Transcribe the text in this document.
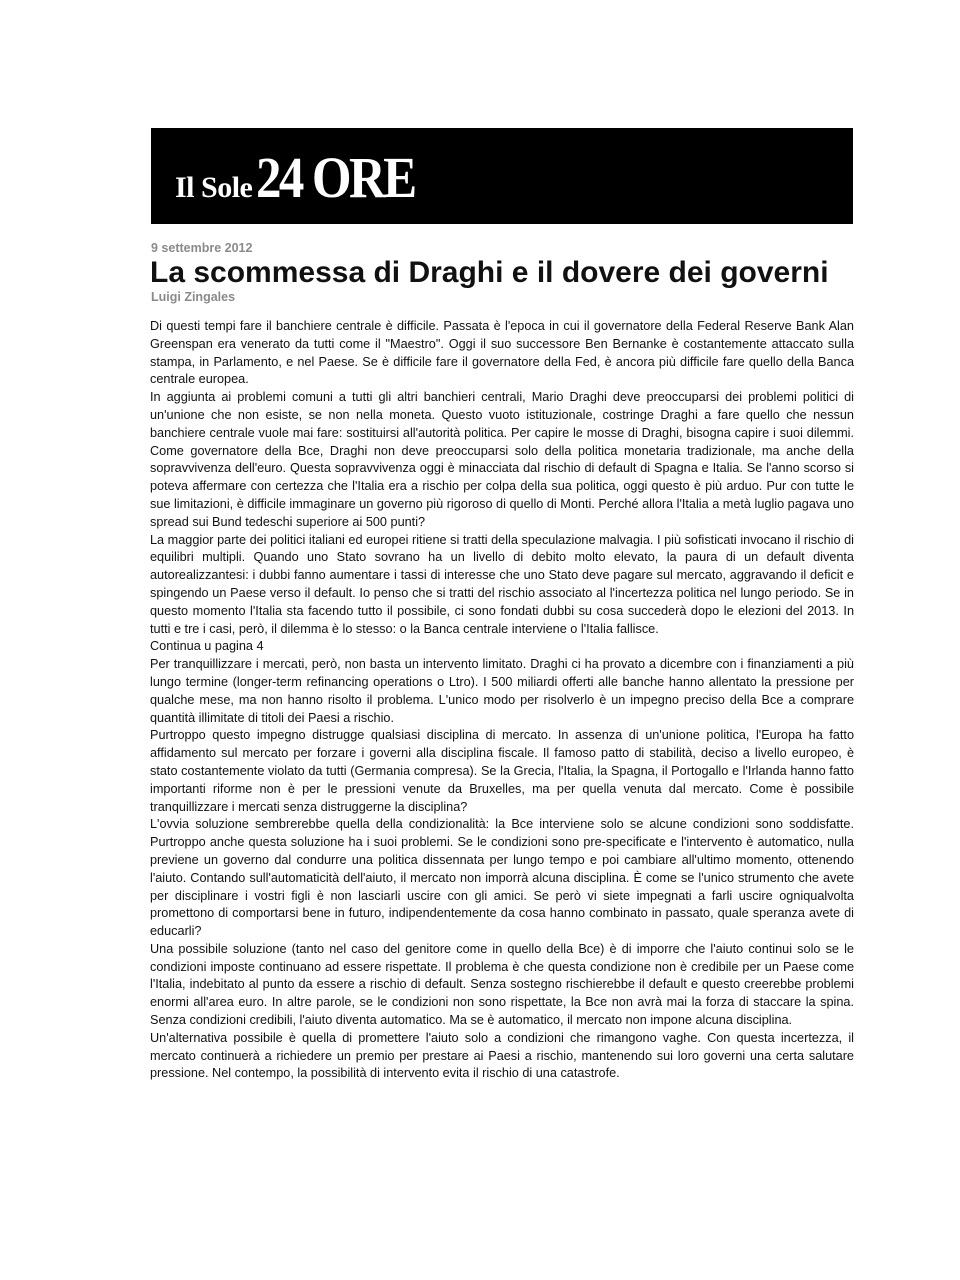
Il Sole 24 ORE
9 settembre 2012
La scommessa di Draghi e il dovere dei governi
Luigi Zingales

Di questi tempi fare il banchiere centrale è difficile. Passata è l'epoca in cui il governatore della Federal Reserve Bank Alan Greenspan era venerato da tutti come il "Maestro". Oggi il suo successore Ben Bernanke è costantemente attaccato sulla stampa, in Parlamento, e nel Paese. Se è difficile fare il governatore della Fed, è ancora più difficile fare quello della Banca centrale europea.

In aggiunta ai problemi comuni a tutti gli altri banchieri centrali, Mario Draghi deve preoccuparsi dei problemi politici di un'unione che non esiste, se non nella moneta. Questo vuoto istituzionale, costringe Draghi a fare quello che nessun banchiere centrale vuole mai fare: sostituirsi all'autorità politica. Per capire le mosse di Draghi, bisogna capire i suoi dilemmi. Come governatore della Bce, Draghi non deve preoccuparsi solo della politica monetaria tradizionale, ma anche della sopravvivenza dell'euro. Questa sopravvivenza oggi è minacciata dal rischio di default di Spagna e Italia. Se l'anno scorso si poteva affermare con certezza che l'Italia era a rischio per colpa della sua politica, oggi questo è più arduo. Pur con tutte le sue limitazioni, è difficile immaginare un governo più rigoroso di quello di Monti. Perché allora l'Italia a metà luglio pagava uno spread sui Bund tedeschi superiore ai 500 punti?

La maggior parte dei politici italiani ed europei ritiene si tratti della speculazione malvagia. I più sofisticati invocano il rischio di equilibri multipli. Quando uno Stato sovrano ha un livello di debito molto elevato, la paura di un default diventa autorealizzantesi: i dubbi fanno aumentare i tassi di interesse che uno Stato deve pagare sul mercato, aggravando il deficit e spingendo un Paese verso il default. Io penso che si tratti del rischio associato al l'incertezza politica nel lungo periodo. Se in questo momento l'Italia sta facendo tutto il possibile, ci sono fondati dubbi su cosa succederà dopo le elezioni del 2013. In tutti e tre i casi, però, il dilemma è lo stesso: o la Banca centrale interviene o l'Italia fallisce.

Continua u pagina 4

Per tranquillizzare i mercati, però, non basta un intervento limitato. Draghi ci ha provato a dicembre con i finanziamenti a più lungo termine (longer-term refinancing operations o Ltro). I 500 miliardi offerti alle banche hanno allentato la pressione per qualche mese, ma non hanno risolto il problema. L'unico modo per risolverlo è un impegno preciso della Bce a comprare quantità illimitate di titoli dei Paesi a rischio.

Purtroppo questo impegno distrugge qualsiasi disciplina di mercato. In assenza di un'unione politica, l'Europa ha fatto affidamento sul mercato per forzare i governi alla disciplina fiscale. Il famoso patto di stabilità, deciso a livello europeo, è stato costantemente violato da tutti (Germania compresa). Se la Grecia, l'Italia, la Spagna, il Portogallo e l'Irlanda hanno fatto importanti riforme non è per le pressioni venute da Bruxelles, ma per quella venuta dal mercato. Come è possibile tranquillizzare i mercati senza distruggerne la disciplina?

L'ovvia soluzione sembrerebbe quella della condizionalità: la Bce interviene solo se alcune condizioni sono soddisfatte. Purtroppo anche questa soluzione ha i suoi problemi. Se le condizioni sono pre-specificate e l'intervento è automatico, nulla previene un governo dal condurre una politica dissennata per lungo tempo e poi cambiare all'ultimo momento, ottenendo l'aiuto. Contando sull'automaticità dell'aiuto, il mercato non imporrà alcuna disciplina. È come se l'unico strumento che avete per disciplinare i vostri figli è non lasciarli uscire con gli amici. Se però vi siete impegnati a farli uscire ogniqualvolta promettono di comportarsi bene in futuro, indipendentemente da cosa hanno combinato in passato, quale speranza avete di educarli?

Una possibile soluzione (tanto nel caso del genitore come in quello della Bce) è di imporre che l'aiuto continui solo se le condizioni imposte continuano ad essere rispettate. Il problema è che questa condizione non è credibile per un Paese come l'Italia, indebitato al punto da essere a rischio di default. Senza sostegno rischierebbe il default e questo creerebbe problemi enormi all'area euro. In altre parole, se le condizioni non sono rispettate, la Bce non avrà mai la forza di staccare la spina. Senza condizioni credibili, l'aiuto diventa automatico. Ma se è automatico, il mercato non impone alcuna disciplina.

Un'alternativa possibile è quella di promettere l'aiuto solo a condizioni che rimangono vaghe. Con questa incertezza, il mercato continuerà a richiedere un premio per prestare ai Paesi a rischio, mantenendo sui loro governi una certa salutare pressione. Nel contempo, la possibilità di intervento evita il rischio di una catastrofe.
